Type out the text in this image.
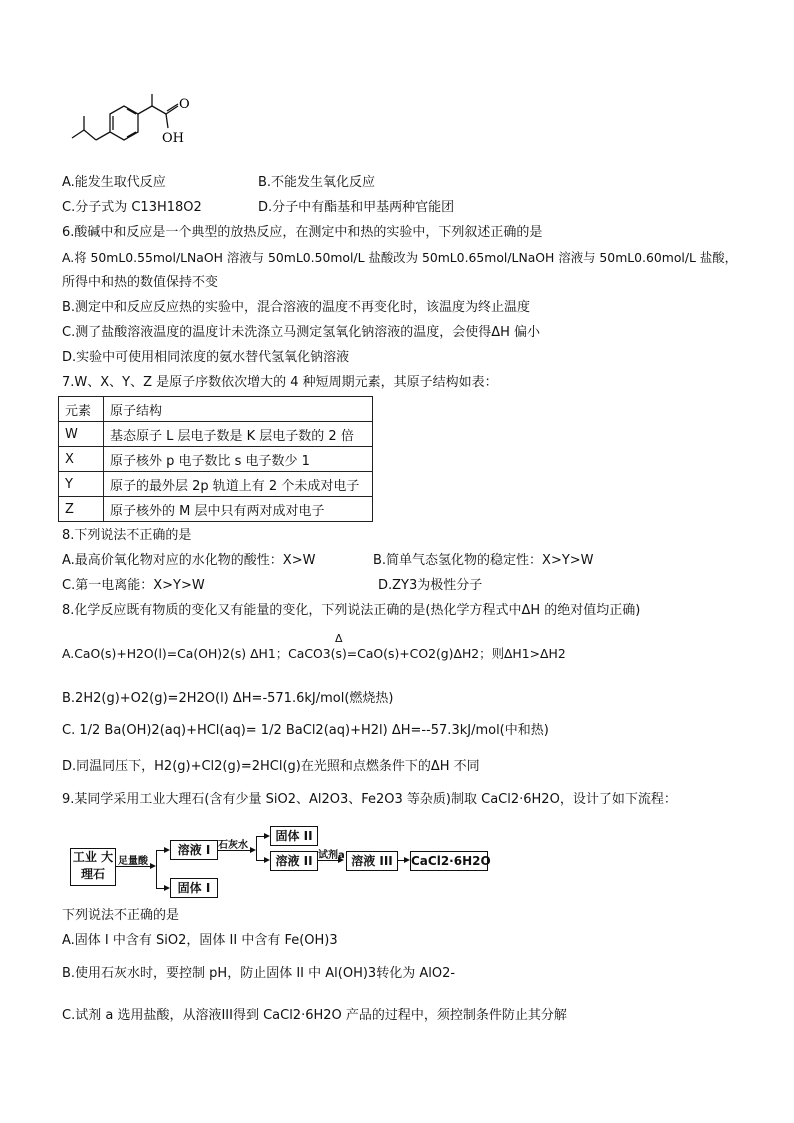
O
OH
A.能发生取代反应	B.不能发生氧化反应
C.分子式为 C13H18O2	D.分子中有酯基和甲基两种官能团
6.酸碱中和反应是一个典型的放热反应，在测定中和热的实验中，下列叙述正确的是
A.将 50mL0.55mol/LNaOH 溶液与 50mL0.50mol/L 盐酸改为 50mL0.65mol/LNaOH 溶液与 50mL0.60mol/L 盐酸，
所得中和热的数值保持不变
B.测定中和反应反应热的实验中，混合溶液的温度不再变化时，该温度为终止温度
C.测了盐酸溶液温度的温度计未洗涤立马测定氢氧化钠溶液的温度，会使得ΔH 偏小
D.实验中可使用相同浓度的氨水替代氢氧化钠溶液
7.W、X、Y、Z 是原子序数依次增大的 4 种短周期元素，其原子结构如表：
元素	原子结构
W	基态原子 L 层电子数是 K 层电子数的 2 倍
X	原子核外 p 电子数比 s 电子数少 1
Y	原子的最外层 2p 轨道上有 2 个未成对电子
Z	原子核外的 M 层中只有两对成对电子
8.下列说法不正确的是
A.最高价氧化物对应的水化物的酸性：X>W	B.简单气态氢化物的稳定性：X>Y>W
C.第一电离能：X>Y>W	D.ZY3为极性分子
8.化学反应既有物质的变化又有能量的变化，下列说法正确的是(热化学方程式中ΔH 的绝对值均正确)
Δ
A.CaO(s)+H2O(l)=Ca(OH)2(s) ΔH1；CaCO3(s)=CaO(s)+CO2(g)ΔH2；则ΔH1>ΔH2
B.2H2(g)+O2(g)=2H2O(l) ΔH=-571.6kJ/mol(燃烧热)
C. 1/2 Ba(OH)2(aq)+HCl(aq)= 1/2 BaCl2(aq)+H2l) ΔH=--57.3kJ/mol(中和热)
D.同温同压下，H2(g)+Cl2(g)=2HCl(g)在光照和点燃条件下的ΔH 不同
9.某同学采用工业大理石(含有少量 SiO2、Al2O3、Fe2O3 等杂质)制取 CaCl2·6H2O，设计了如下流程：
工业 大理石
足量酸
溶液 I
固体 I
石灰水
固体 II
溶液 II 试剂a 溶液 III	CaCl2·6H2O
下列说法不正确的是
A.固体 I 中含有 SiO2，固体 II 中含有 Fe(OH)3
B.使用石灰水时，要控制 pH，防止固体 II 中 Al(OH)3转化为 AlO2-
C.试剂 a 选用盐酸，从溶液III得到 CaCl2·6H2O 产品的过程中，须控制条件防止其分解
